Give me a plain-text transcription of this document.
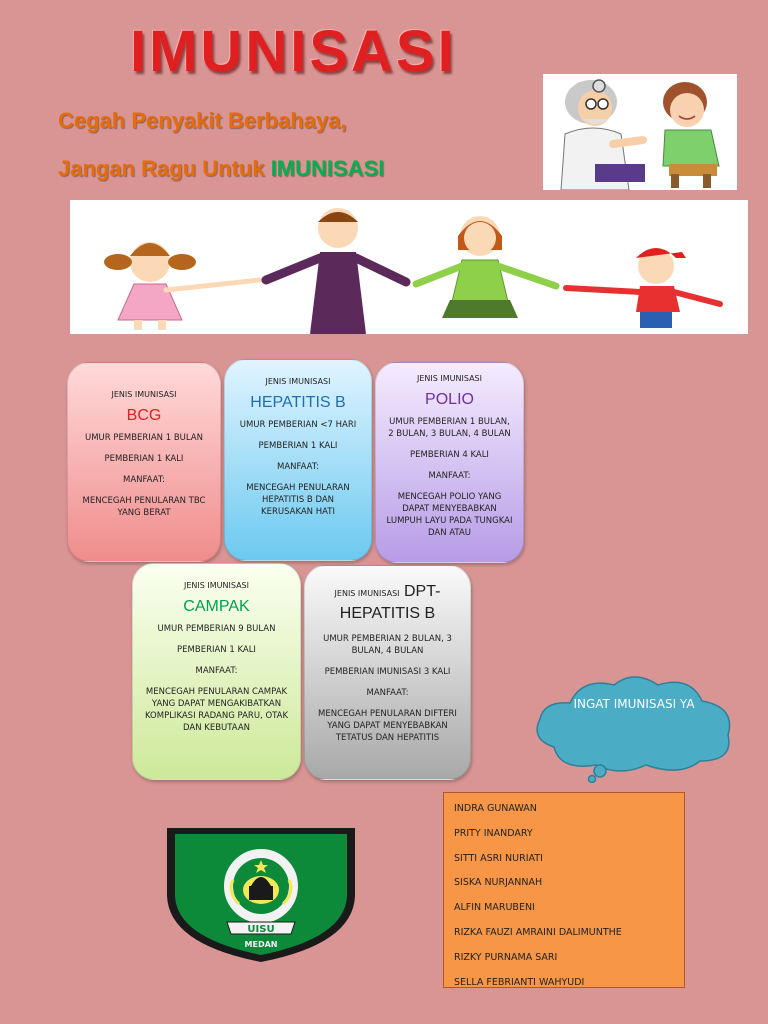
IMUNISASI
Cegah Penyakit Berbahaya,
Jangan Ragu Untuk IMUNISASI

JENIS IMUNISASI

BCG

UMUR PEMBERIAN 1 BULAN

PEMBERIAN 1 KALI

MANFAAT:

MENCEGAH PENULARAN TBC YANG BERAT

JENIS IMUNISASI

HEPATITIS B

UMUR PEMBERIAN <7 HARI

PEMBERIAN 1 KALI

MANFAAT:

MENCEGAH PENULARAN HEPATITIS B DAN KERUSAKAN HATI

JENIS IMUNISASI

POLIO

UMUR PEMBERIAN 1 BULAN, 2 BULAN, 3 BULAN, 4 BULAN

PEMBERIAN 4 KALI

MANFAAT:

MENCEGAH POLIO YANG DAPAT MENYEBABKAN LUMPUH LAYU PADA TUNGKAI DAN ATAU

JENIS IMUNISASI

CAMPAK

UMUR PEMBERIAN 9 BULAN

PEMBERIAN 1 KALI

MANFAAT:

MENCEGAH PENULARAN CAMPAK YANG DAPAT MENGAKIBATKAN KOMPLIKASI RADANG PARU, OTAK DAN KEBUTAAN

JENIS IMUNISASI DPT-HEPATITIS B

UMUR PEMBERIAN 2 BULAN, 3 BULAN, 4 BULAN

PEMBERIAN IMUNISASI 3 KALI

MANFAAT:

MENCEGAH PENULARAN DIFTERI YANG DAPAT MENYEBABKAN TETATUS DAN HEPATITIS

INGAT IMUNISASI YA
INDRA GUNAWAN
PRITY INANDARY
SITTI ASRI NURIATI
SISKA NURJANNAH
ALFIN MARUBENI
RIZKA FAUZI AMRAINI DALIMUNTHE
RIZKY PURNAMA SARI
SELLA FEBRIANTI WAHYUDI
UISU
MEDAN
